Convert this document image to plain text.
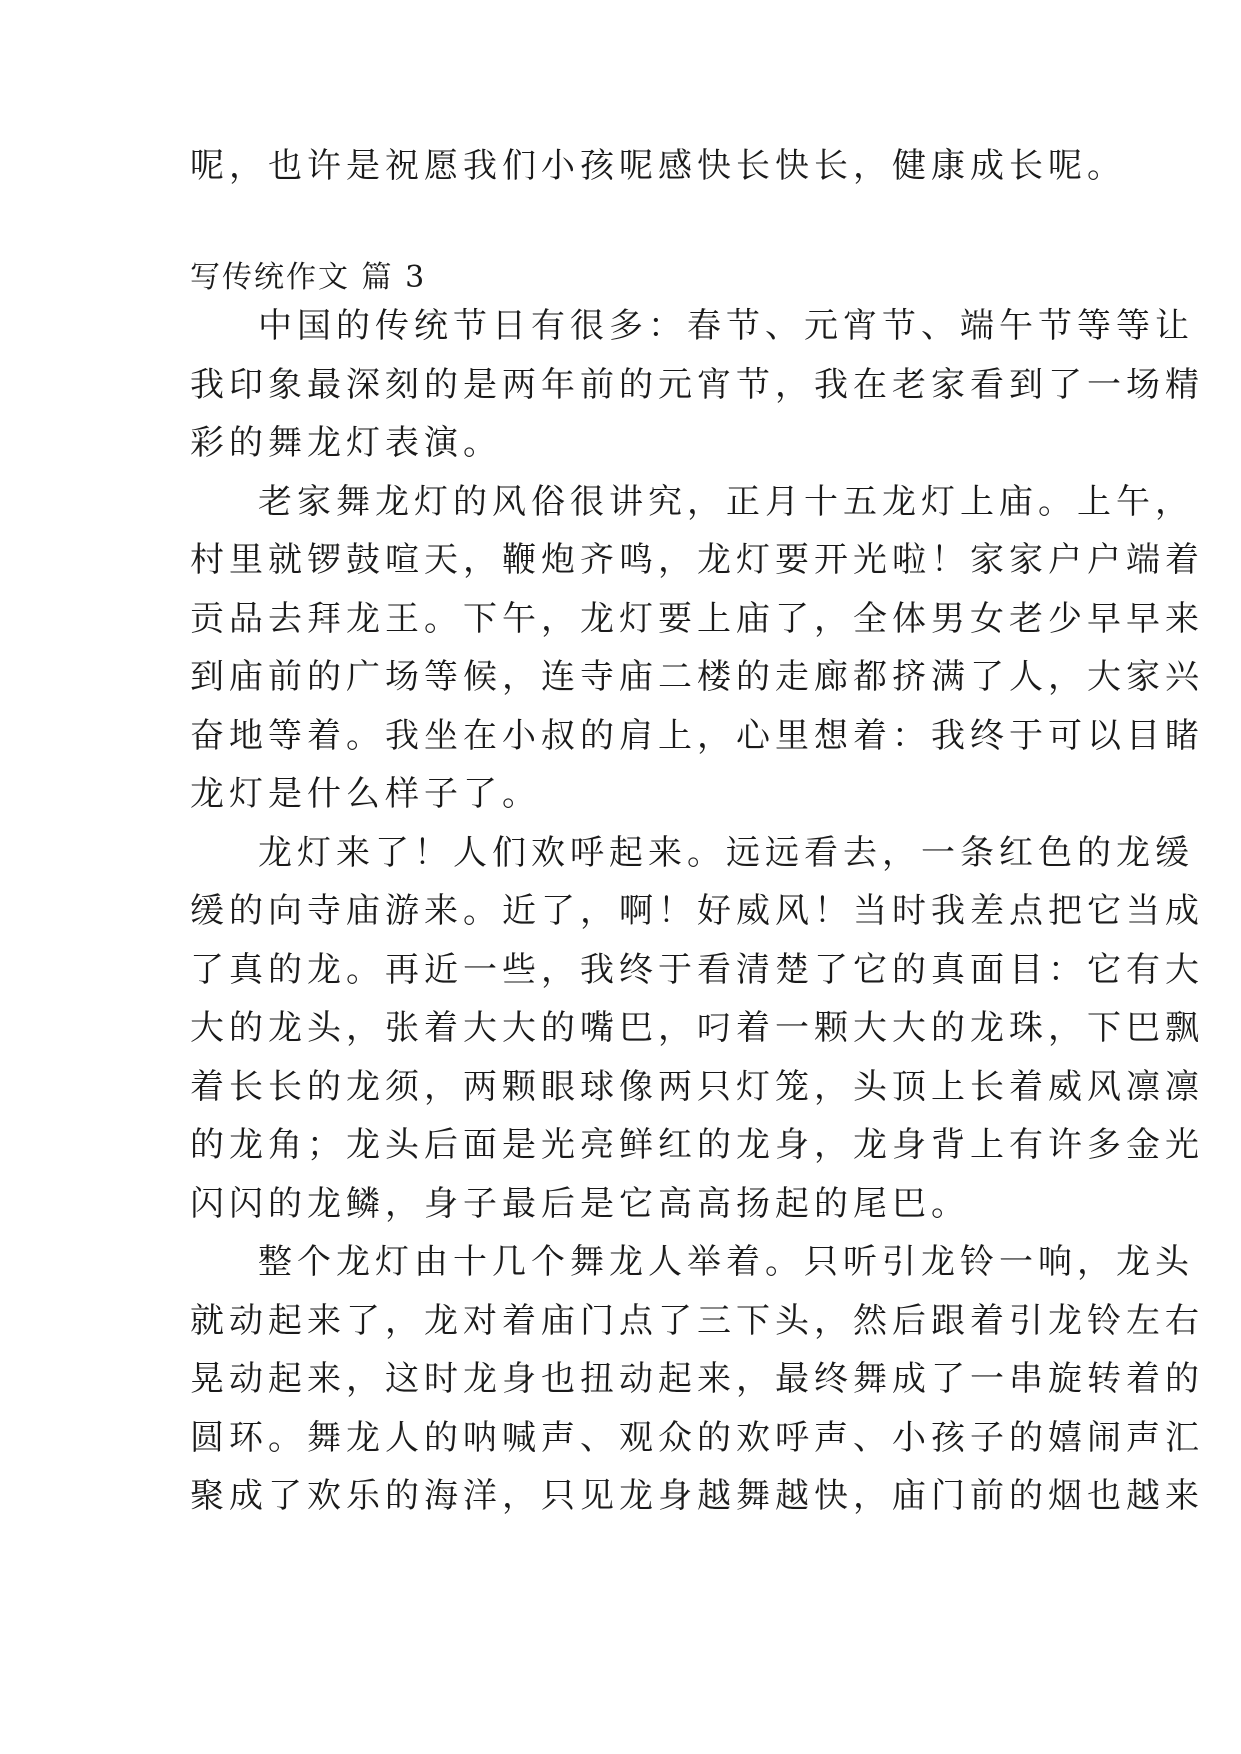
呢，也许是祝愿我们小孩呢感快长快长，健康成长呢。
写传统作文 篇 3
中国的传统节日有很多：春节、元宵节、端午节等等让
我印象最深刻的是两年前的元宵节，我在老家看到了一场精
彩的舞龙灯表演。
老家舞龙灯的风俗很讲究，正月十五龙灯上庙。上午，
村里就锣鼓喧天，鞭炮齐鸣，龙灯要开光啦！家家户户端着
贡品去拜龙王。下午，龙灯要上庙了，全体男女老少早早来
到庙前的广场等候，连寺庙二楼的走廊都挤满了人，大家兴
奋地等着。我坐在小叔的肩上，心里想着：我终于可以目睹
龙灯是什么样子了。
龙灯来了！人们欢呼起来。远远看去，一条红色的龙缓
缓的向寺庙游来。近了，啊！好威风！当时我差点把它当成
了真的龙。再近一些，我终于看清楚了它的真面目：它有大
大的龙头，张着大大的嘴巴，叼着一颗大大的龙珠，下巴飘
着长长的龙须，两颗眼球像两只灯笼，头顶上长着威风凛凛
的龙角；龙头后面是光亮鲜红的龙身，龙身背上有许多金光
闪闪的龙鳞，身子最后是它高高扬起的尾巴。
整个龙灯由十几个舞龙人举着。只听引龙铃一响，龙头
就动起来了，龙对着庙门点了三下头，然后跟着引龙铃左右
晃动起来，这时龙身也扭动起来，最终舞成了一串旋转着的
圆环。舞龙人的呐喊声、观众的欢呼声、小孩子的嬉闹声汇
聚成了欢乐的海洋，只见龙身越舞越快，庙门前的烟也越来
